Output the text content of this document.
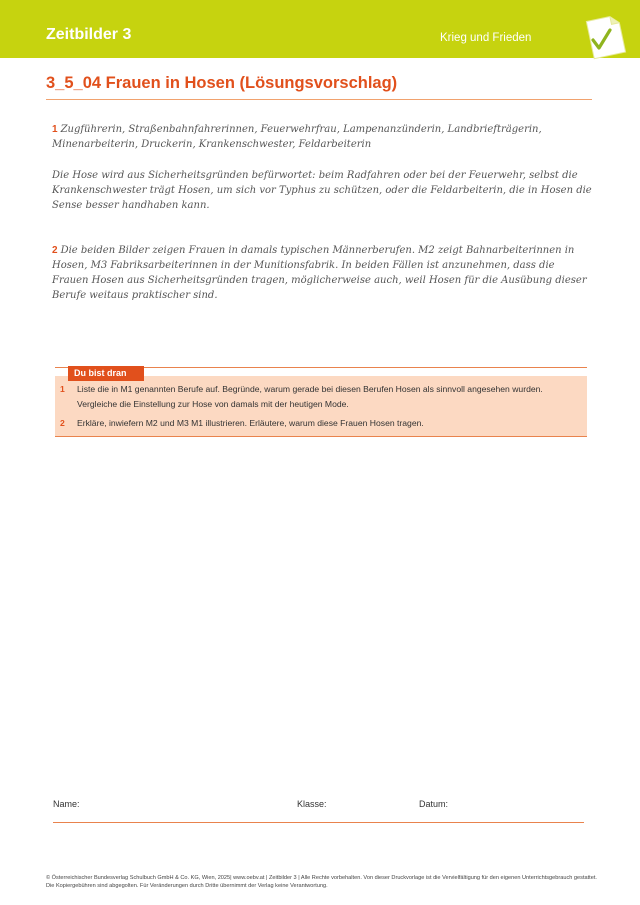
Zeitbilder 3	Krieg und Frieden
3_5_04 Frauen in Hosen (Lösungsvorschlag)
1 Zugführerin, Straßenbahnfahrerinnen, Feuerwehrfrau, Lampenanzünderin, Landbriefträgerin, Minenarbeiterin, Druckerin, Krankenschwester, Feldarbeiterin
Die Hose wird aus Sicherheitsgründen befürwortet: beim Radfahren oder bei der Feuerwehr, selbst die Krankenschwester trägt Hosen, um sich vor Typhus zu schützen, oder die Feldarbeiterin, die in Hosen die Sense besser handhaben kann.
2 Die beiden Bilder zeigen Frauen in damals typischen Männerberufen. M2 zeigt Bahnarbeiterinnen in Hosen, M3 Fabriksarbeiterinnen in der Munitionsfabrik. In beiden Fällen ist anzunehmen, dass die Frauen Hosen aus Sicherheitsgründen tragen, möglicherweise auch, weil Hosen für die Ausübung dieser Berufe weitaus praktischer sind.
Du bist dran
1 Liste die in M1 genannten Berufe auf. Begründe, warum gerade bei diesen Berufen Hosen als sinnvoll angesehen wurden. Vergleiche die Einstellung zur Hose von damals mit der heutigen Mode.
2 Erkläre, inwiefern M2 und M3 M1 illustrieren. Erläutere, warum diese Frauen Hosen tragen.
Name:	Klasse:	Datum:
© Österreichischer Bundesverlag Schulbuch GmbH & Co. KG, Wien, 2025| www.oebv.at | Zeitbilder 3 | Alle Rechte vorbehalten. Von dieser Druckvorlage ist die Vervielfältigung für den eigenen Unterrichtsgebrauch gestattet. Die Kopiergebühren sind abgegolten. Für Veränderungen durch Dritte übernimmt der Verlag keine Verantwortung.
